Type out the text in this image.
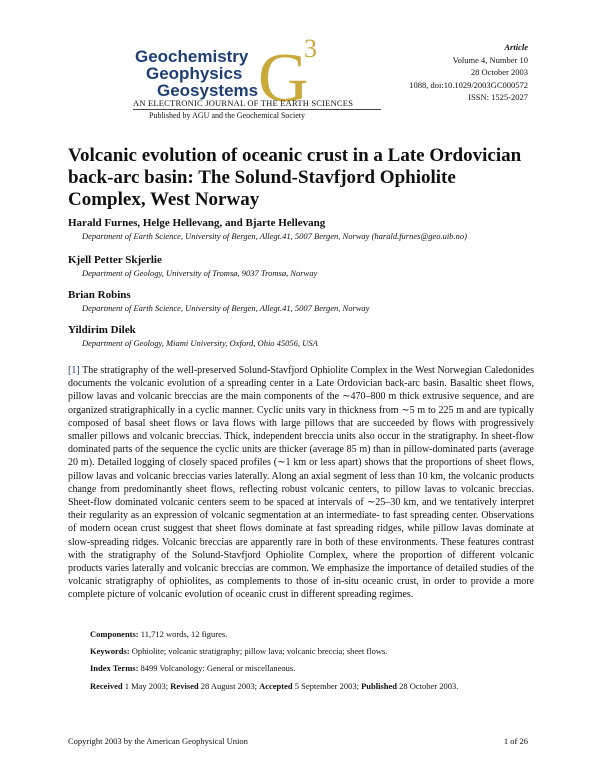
Geochemistry
Geophysics
Geosystems G
3
AN ELECTRONIC JOURNAL OF THE EARTH SCIENCES
Published by AGU and the Geochemical Society
Article
Volume 4, Number 10
28 October 2003
1088, doi:10.1029/2003GC000572
ISSN: 1525-2027
Volcanic evolution of oceanic crust in a Late Ordovician back-arc basin: The Solund-Stavfjord Ophiolite Complex, West Norway
Harald Furnes, Helge Hellevang, and Bjarte Hellevang
Department of Earth Science, University of Bergen, Allegt.41, 5007 Bergen, Norway (harald.furnes@geo.uib.no)
Kjell Petter Skjerlie
Department of Geology, University of Tromsø, 9037 Tromsø, Norway
Brian Robins
Department of Earth Science, University of Bergen, Allegt.41, 5007 Bergen, Norway
Yildirim Dilek
Department of Geology, Miami University, Oxford, Ohio 45056, USA

[1] The stratigraphy of the well-preserved Solund-Stavfjord Ophiolite Complex in the West Norwegian Caledonides documents the volcanic evolution of a spreading center in a Late Ordovician back-arc basin. Basaltic sheet flows, pillow lavas and volcanic breccias are the main components of the ∼470–800 m thick extrusive sequence, and are organized stratigraphically in a cyclic manner. Cyclic units vary in thickness from ∼5 m to 225 m and are typically composed of basal sheet flows or lava flows with large pillows that are succeeded by flows with progressively smaller pillows and volcanic breccias. Thick, independent breccia units also occur in the stratigraphy. In sheet-flow dominated parts of the sequence the cyclic units are thicker (average 85 m) than in pillow-dominated parts (average 20 m). Detailed logging of closely spaced profiles (∼1 km or less apart) shows that the proportions of sheet flows, pillow lavas and volcanic breccias varies laterally. Along an axial segment of less than 10 km, the volcanic products change from predominantly sheet flows, reflecting robust volcanic centers, to pillow lavas to volcanic breccias. Sheet-flow dominated volcanic centers seem to be spaced at intervals of ∼25–30 km, and we tentatively interpret their regularity as an expression of volcanic segmentation at an intermediate- to fast spreading center. Observations of modern ocean crust suggest that sheet flows dominate at fast spreading ridges, while pillow lavas dominate at slow-spreading ridges. Volcanic breccias are apparently rare in both of these environments. These features contrast with the stratigraphy of the Solund-Stavfjord Ophiolite Complex, where the proportion of different volcanic products varies laterally and volcanic breccias are common. We emphasize the importance of detailed studies of the volcanic stratigraphy of ophiolites, as complements to those of in-situ oceanic crust, in order to provide a more complete picture of volcanic evolution of oceanic crust in different spreading regimes.

Components: 11,712 words, 12 figures.
Keywords: Ophiolite; volcanic stratigraphy; pillow lava; volcanic breccia; sheet flows.
Index Terms: 8499 Volcanology: General or miscellaneous.
Received 1 May 2003; Revised 28 August 2003; Accepted 5 September 2003; Published 28 October 2003.
Copyright 2003 by the American Geophysical Union	1 of 26
